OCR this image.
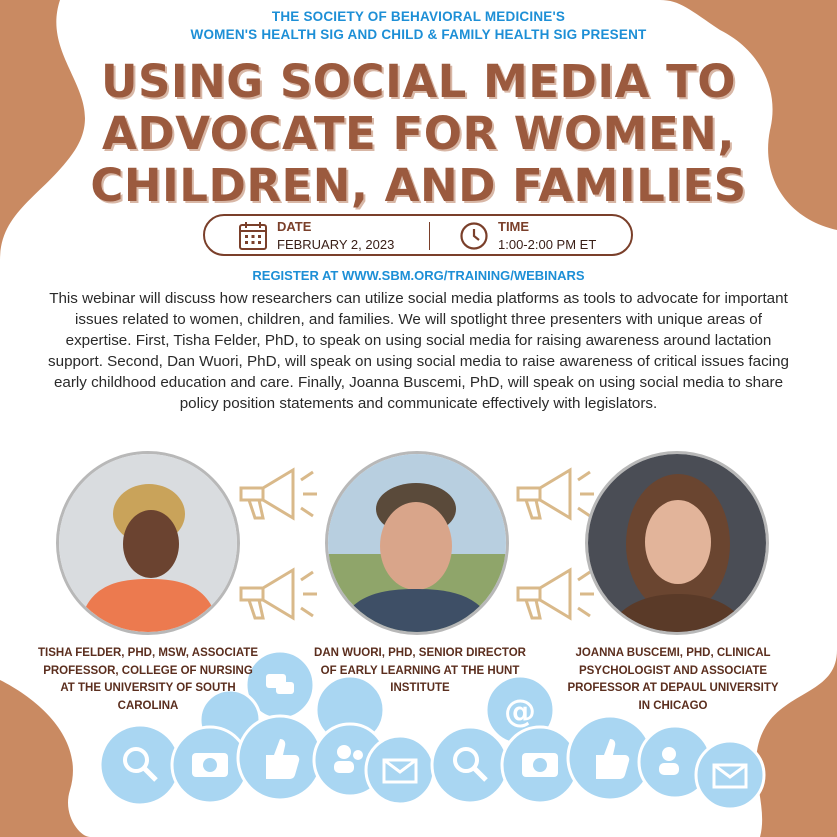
THE SOCIETY OF BEHAVIORAL MEDICINE'S
WOMEN'S HEALTH SIG AND CHILD & FAMILY HEALTH SIG PRESENT
USING SOCIAL MEDIA TO
ADVOCATE FOR WOMEN,
CHILDREN, AND FAMILIES
DATE
FEBRUARY 2, 2023
TIME
1:00-2:00 PM ET
REGISTER AT WWW.SBM.ORG/TRAINING/WEBINARS
This webinar will discuss how researchers can utilize social media platforms as tools to advocate for important issues related to women, children, and families. We will spotlight three presenters with unique areas of expertise. First, Tisha Felder, PhD, to speak on using social media for raising awareness around lactation support. Second, Dan Wuori, PhD, will speak on using social media to raise awareness of critical issues facing early childhood education and care. Finally, Joanna Buscemi, PhD, will speak on using social media to share policy position statements and communicate effectively with legislators.
@
TISHA FELDER, PHD, MSW, ASSOCIATE PROFESSOR, COLLEGE OF NURSING AT THE UNIVERSITY OF SOUTH CAROLINA
DAN WUORI, PHD, SENIOR DIRECTOR OF EARLY LEARNING AT THE HUNT INSTITUTE
JOANNA BUSCEMI, PHD, CLINICAL PSYCHOLOGIST AND ASSOCIATE PROFESSOR AT DEPAUL UNIVERSITY IN CHICAGO
